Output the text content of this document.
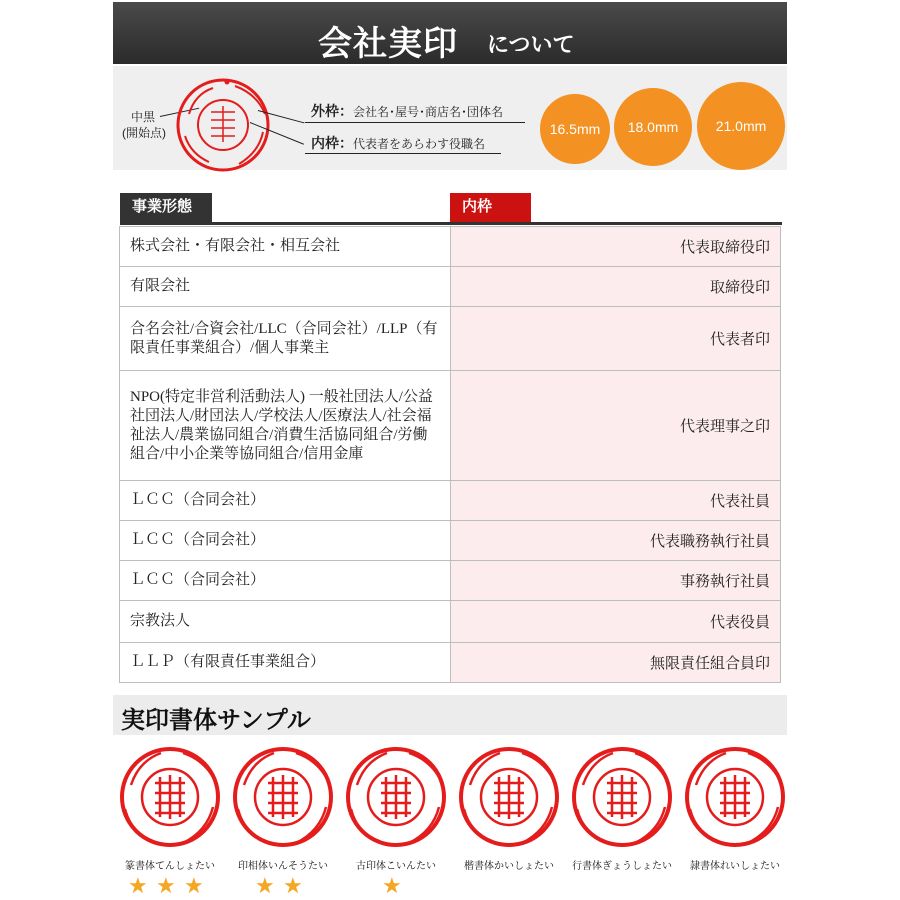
会社実印 について
中黒
(開始点)
外枠：会社名･屋号･商店名･団体名
内枠：代表者をあらわす役職名
16.5mm	18.0mm	21.0mm
事業形態	内枠
株式会社・有限会社・相互会社	代表取締役印
有限会社	取締役印
合名会社/合資会社/LLC（合同会社）/LLP（有限責任事業組合）/個人事業主	代表者印
NPO(特定非営利活動法人) 一般社団法人/公益社団法人/財団法人/学校法人/医療法人/社会福祉法人/農業協同組合/消費生活協同組合/労働組合/中小企業等協同組合/信用金庫	代表理事之印
ＬＣＣ（合同会社）	代表社員
ＬＣＣ（合同会社）	代表職務執行社員
ＬＣＣ（合同会社）	事務執行社員
宗教法人	代表役員
ＬＬＰ（有限責任事業組合）	無限責任組合員印
実印書体サンプル
篆書体てんしょたい
★ ★ ★
印相体いんそうたい
★ ★
古印体こいんたい
★
楷書体かいしょたい	行書体ぎょうしょたい	隷書体れいしょたい
